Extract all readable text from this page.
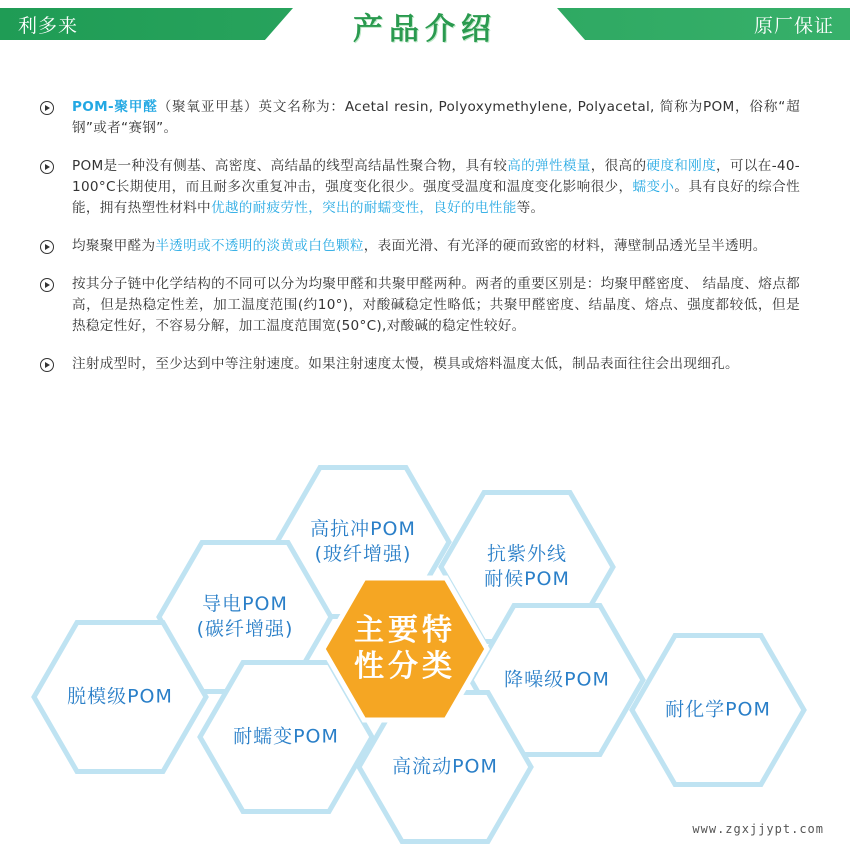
利多来	产品介绍	原厂保证

POM-聚甲醛（聚氧亚甲基）英文名称为：Acetal resin, Polyoxymethylene, Polyacetal, 简称为POM，俗称“超钢”或者“赛钢”。

POM是一种没有侧基、高密度、高结晶的线型高结晶性聚合物，具有较高的弹性模量，很高的硬度和刚度，可以在-40-100°C长期使用，而且耐多次重复冲击，强度变化很少。强度受温度和温度变化影响很少，蠕变小。具有良好的综合性能，拥有热塑性材料中优越的耐疲劳性，突出的耐蠕变性，良好的电性能等。

均聚聚甲醛为半透明或不透明的淡黄或白色颗粒，表面光滑、有光泽的硬而致密的材料，薄壁制品透光呈半透明。

按其分子链中化学结构的不同可以分为均聚甲醛和共聚甲醛两种。两者的重要区别是：均聚甲醛密度、 结晶度、熔点都高，但是热稳定性差，加工温度范围(约10°)，对酸碱稳定性略低；共聚甲醛密度、结晶度、熔点、强度都较低，但是热稳定性好，不容易分解，加工温度范围宽(50°C),对酸碱的稳定性较好。

注射成型时，至少达到中等注射速度。如果注射速度太慢，模具或熔料温度太低，制品表面往往会出现细孔。

高抗冲POM
(玻纤增强)	抗紫外线
耐候POM
导电POM
(碳纤增强)
脱模级POM
降噪级POM
耐化学POM
耐蠕变POM
高流动POM
主要特
性分类
www.zgxjjypt.com
